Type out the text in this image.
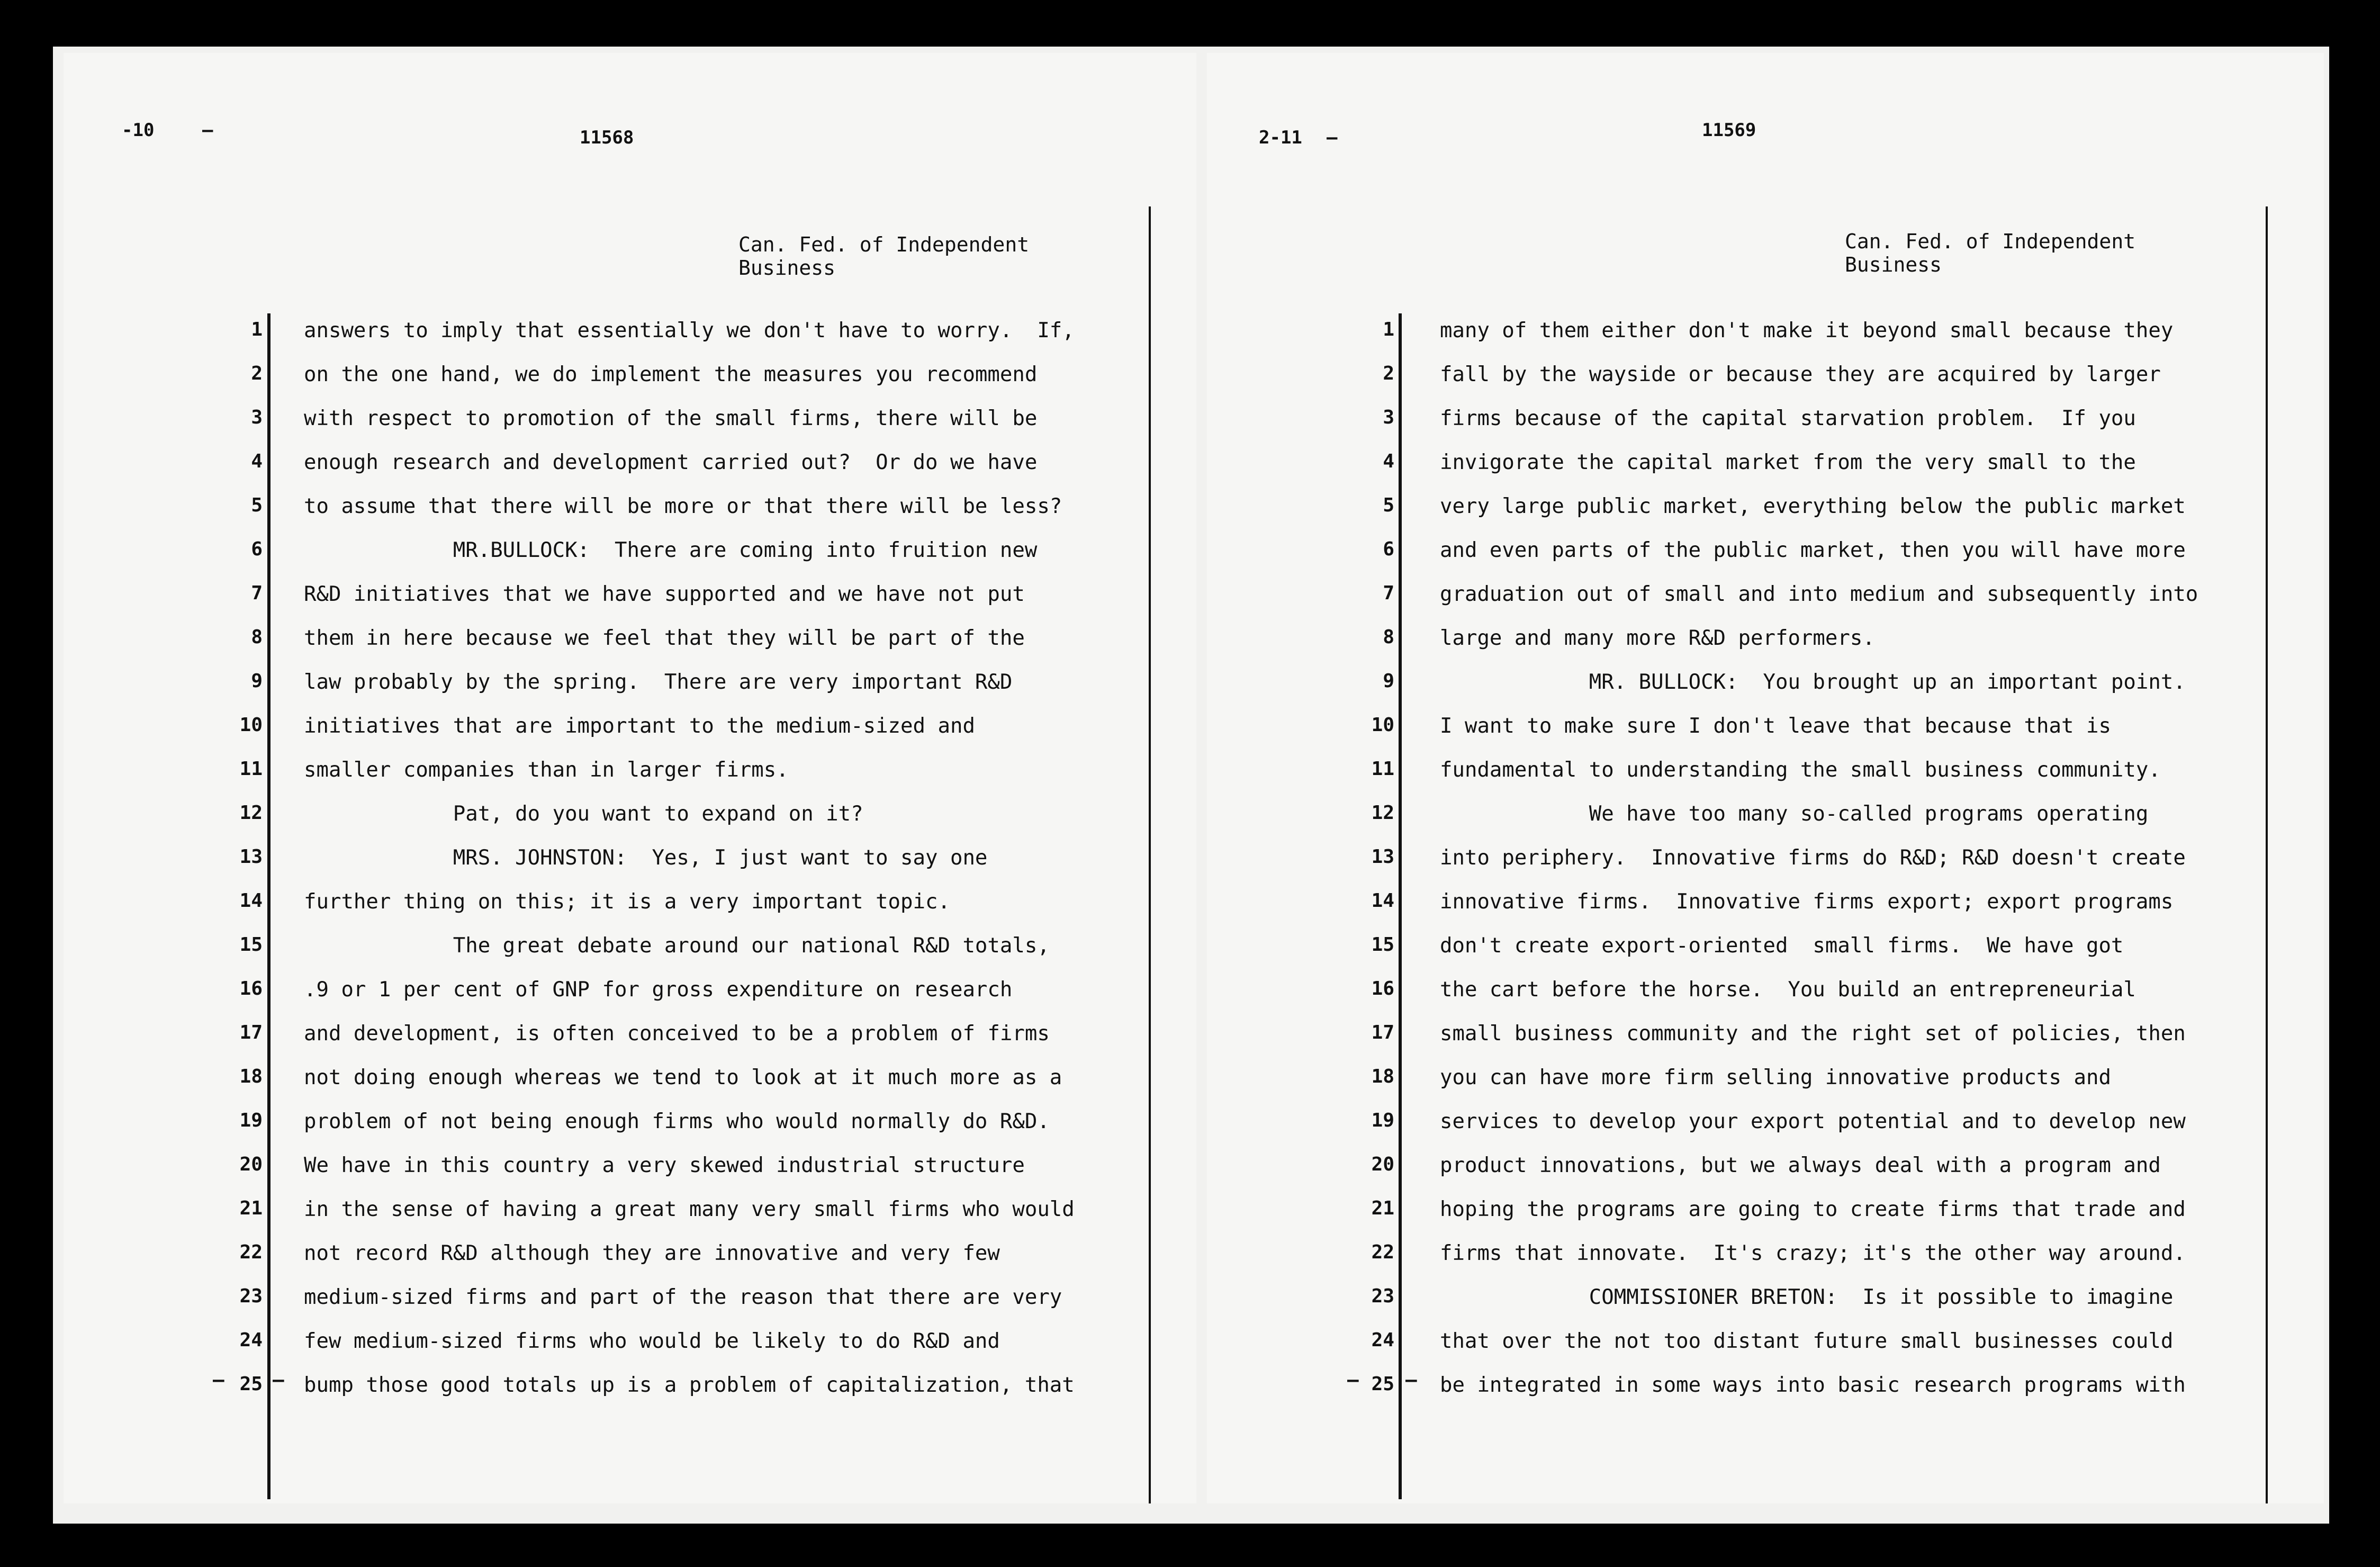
-10	—	11568
Can. Fed. of Independent
Business
1 answers to imply that essentially we don't have to worry.  If,
2 on the one hand, we do implement the measures you recommend
3 with respect to promotion of the small firms, there will be
4 enough research and development carried out?  Or do we have
5 to assume that there will be more or that there will be less?
6 MR.BULLOCK:  There are coming into fruition new
7 R&D initiatives that we have supported and we have not put
8 them in here because we feel that they will be part of the
9 law probably by the spring.  There are very important R&D
10 initiatives that are important to the medium-sized and
11 smaller companies than in larger firms.
12 Pat, do you want to expand on it?
13 MRS. JOHNSTON:  Yes, I just want to say one
14 further thing on this; it is a very important topic.
15 The great debate around our national R&D totals,
16 .9 or 1 per cent of GNP for gross expenditure on research
17 and development, is often conceived to be a problem of firms
18 not doing enough whereas we tend to look at it much more as a
19 problem of not being enough firms who would normally do R&D.
20 We have in this country a very skewed industrial structure
21 in the sense of having a great many very small firms who would
22 not record R&D although they are innovative and very few
23 medium-sized firms and part of the reason that there are very
24 few medium-sized firms who would be likely to do R&D and
25 bump those good totals up is a problem of capitalization, that
—	–
2-11 —	11569
Can. Fed. of Independent
Business
1 many of them either don't make it beyond small because they
2 fall by the wayside or because they are acquired by larger
3 firms because of the capital starvation problem.  If you
4 invigorate the capital market from the very small to the
5 very large public market, everything below the public market
6 and even parts of the public market, then you will have more
7 graduation out of small and into medium and subsequently into
8 large and many more R&D performers.
9 MR. BULLOCK:  You brought up an important point.
10 I want to make sure I don't leave that because that is
11 fundamental to understanding the small business community.
12 We have too many so-called programs operating
13 into periphery.  Innovative firms do R&D; R&D doesn't create
14 innovative firms.  Innovative firms export; export programs
15 don't create export-oriented  small firms.  We have got
16 the cart before the horse.  You build an entrepreneurial
17 small business community and the right set of policies, then
18 you can have more firm selling innovative products and
19 services to develop your export potential and to develop new
20 product innovations, but we always deal with a program and
21 hoping the programs are going to create firms that trade and
22 firms that innovate.  It's crazy; it's the other way around.
23 COMMISSIONER BRETON:  Is it possible to imagine
24 that over the not too distant future small businesses could
25 be integrated in some ways into basic research programs with
— –
